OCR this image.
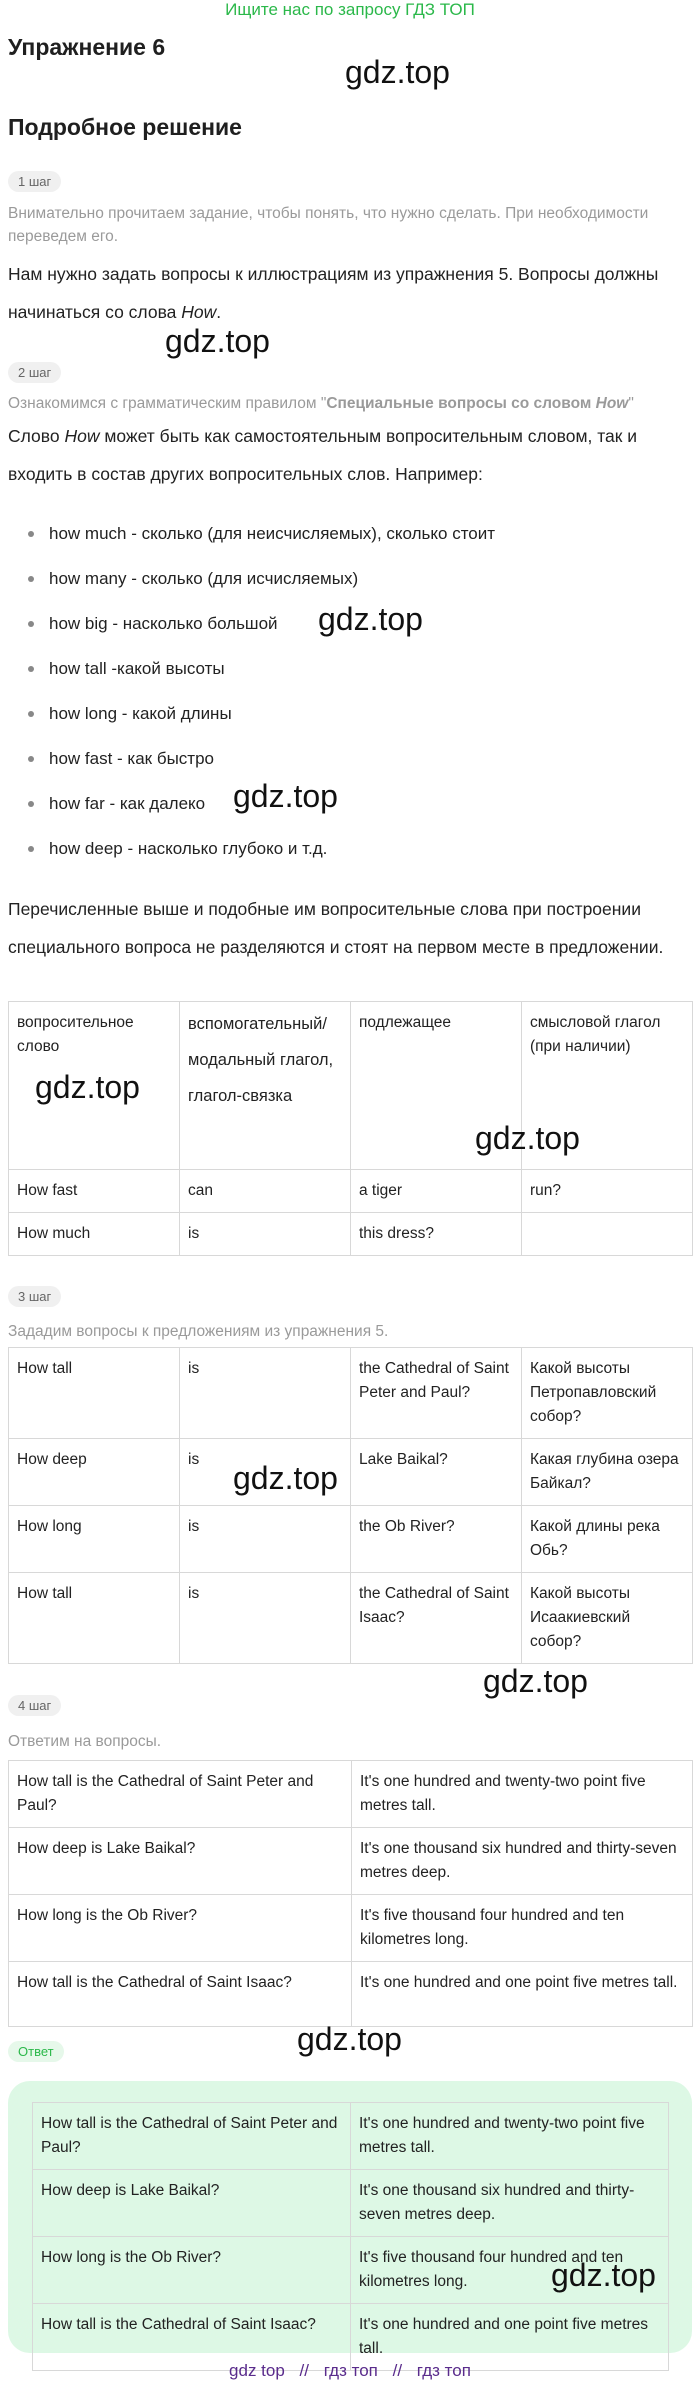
Ищите нас по запросу ГДЗ ТОП
Упражнение 6
gdz.top
Подробное решение
1 шаг
Внимательно прочитаем задание, чтобы понять, что нужно сделать. При необходимости переведем его.
Нам нужно задать вопросы к иллюстрациям из упражнения 5. Вопросы должны начинаться со слова How.
gdz.top
2 шаг
Ознакомимся с грамматическим правилом "Специальные вопросы со словом How"
Слово How может быть как самостоятельным вопросительным словом, так и входить в состав других вопросительных слов. Например:
how much - сколько (для неисчисляемых), сколько стоит
how many - сколько (для исчисляемых)
how big - насколько большой
how tall -какой высоты
how long - какой длины
how fast - как быстро
how far - как далеко
how deep - насколько глубоко и т.д.
gdz.top
gdz.top
Перечисленные выше и подобные им вопросительные слова при построении специального вопроса не разделяются и стоят на первом месте в предложении.
вопросительное слово	вспомогательный/модальный глагол,
глагол-связка	подлежащее	смысловой глагол (при наличии)
How fast	can	a tiger	run?
How much	is	this dress?	
gdz.top
gdz.top
3 шаг
Зададим вопросы к предложениям из упражнения 5.
How tall	is	the Cathedral of Saint Peter and Paul?	Какой высоты Петропавловский собор?
How deep	is	Lake Baikal?	Какая глубина озера Байкал?
How long	is	the Ob River?	Какой длины река Обь?
How tall	is	the Cathedral of Saint Isaac?	Какой высоты Исаакиевский собор?
gdz.top
gdz.top
4 шаг
Ответим на вопросы.
How tall is the Cathedral of Saint Peter and Paul?	It's one hundred and twenty-two point five metres tall.
How deep is Lake Baikal?	It's one thousand six hundred and thirty-seven metres deep.
How long is the Ob River?	It's five thousand four hundred and ten kilometres long.
How tall is the Cathedral of Saint Isaac?	It's one hundred and one point five metres tall.
gdz.top
Ответ
How tall is the Cathedral of Saint Peter and Paul?	It's one hundred and twenty-two point five metres tall.
How deep is Lake Baikal?	It's one thousand six hundred and thirty-seven metres deep.
How long is the Ob River?	It's five thousand four hundred and ten kilometres long.
How tall is the Cathedral of Saint Isaac?	It's one hundred and one point five metres tall.
gdz.top
gdz top // гдз топ // гдз топ
